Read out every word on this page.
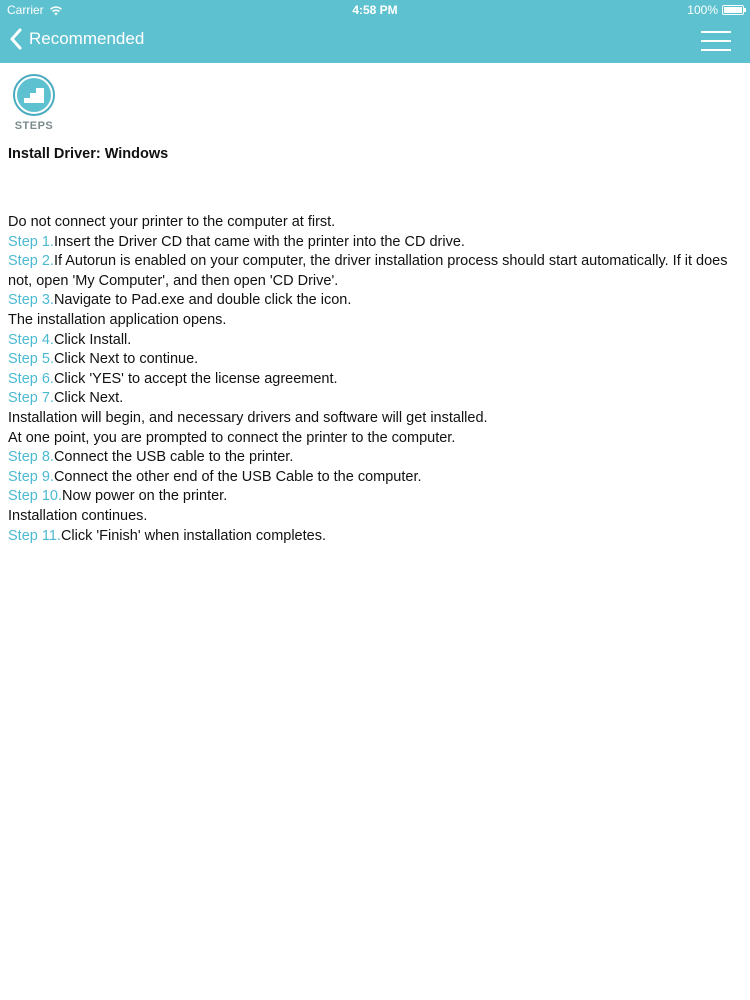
Carrier	4:58 PM	100%
Recommended
STEPS
Install Driver: Windows
Do not connect your printer to the computer at first.
Step 1.Insert the Driver CD that came with the printer into the CD drive.
Step 2.If Autorun is enabled on your computer, the driver installation process should start automatically. If it does not, open 'My Computer', and then open 'CD Drive'.
Step 3.Navigate to Pad.exe and double click the icon.
The installation application opens.
Step 4.Click Install.
Step 5.Click Next to continue.
Step 6.Click 'YES' to accept the license agreement.
Step 7.Click Next.
Installation will begin, and necessary drivers and software will get installed.
At one point, you are prompted to connect the printer to the computer.
Step 8.Connect the USB cable to the printer.
Step 9.Connect the other end of the USB Cable to the computer.
Step 10.Now power on the printer.
Installation continues.
Step 11.Click 'Finish' when installation completes.
